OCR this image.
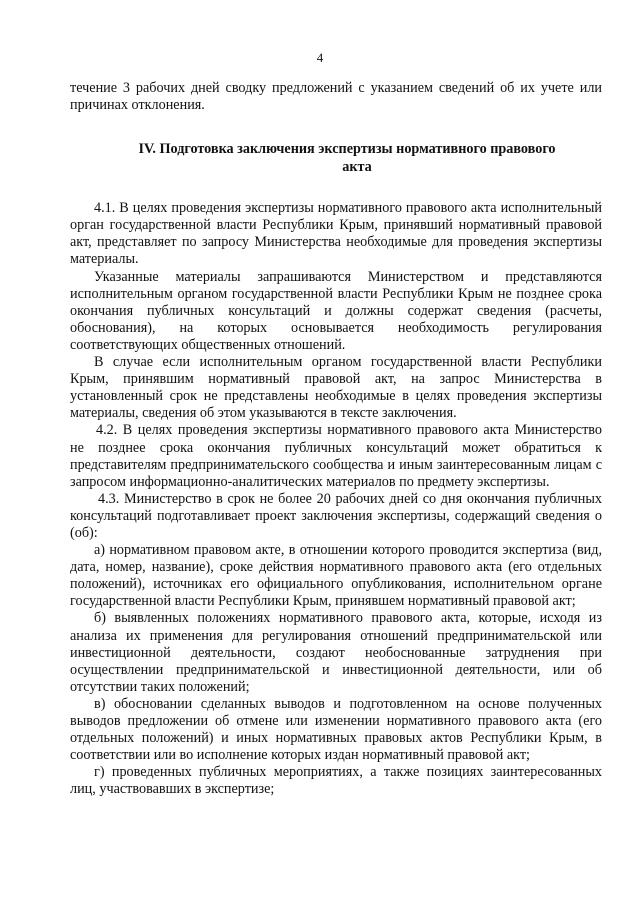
4

течение 3 рабочих дней сводку предложений с указанием сведений об их учете или причинах отклонения.

IV. Подготовка заключения экспертизы нормативного правового
акта

4.1. В целях проведения экспертизы нормативного правового акта исполнительный орган государственной власти Республики Крым, принявший нормативный правовой акт, представляет по запросу Министерства необходимые для проведения экспертизы материалы.

Указанные материалы запрашиваются Министерством и представляются исполнительным органом государственной власти Республики Крым не позднее срока окончания публичных консультаций и должны содержат сведения (расчеты, обоснования), на которых основывается необходимость регулирования соответствующих общественных отношений.

В случае если исполнительным органом государственной власти Республики Крым, принявшим нормативный правовой акт, на запрос Министерства в установленный срок не представлены необходимые в целях проведения экспертизы материалы, сведения об этом указываются в тексте заключения.

4.2. В целях проведения экспертизы нормативного правового акта Министерство не позднее срока окончания публичных консультаций может обратиться к представителям предпринимательского сообщества и иным заинтересованным лицам с запросом информационно-аналитических материалов по предмету экспертизы.

4.3. Министерство в срок не более 20 рабочих дней со дня окончания публичных консультаций подготавливает проект заключения экспертизы, содержащий сведения о (об):

а) нормативном правовом акте, в отношении которого проводится экспертиза (вид, дата, номер, название), сроке действия нормативного правового акта (его отдельных положений), источниках его официального опубликования, исполнительном органе государственной власти Республики Крым, принявшем нормативный правовой акт;

б) выявленных положениях нормативного правового акта, которые, исходя из анализа их применения для регулирования отношений предпринимательской или инвестиционной деятельности, создают необоснованные затруднения при осуществлении предпринимательской и инвестиционной деятельности, или об отсутствии таких положений;

в) обосновании сделанных выводов и подготовленном на основе полученных выводов предложении об отмене или изменении нормативного правового акта (его отдельных положений) и иных нормативных правовых актов Республики Крым, в соответствии или во исполнение которых издан нормативный правовой акт;

г) проведенных публичных мероприятиях, а также позициях заинтересованных лиц, участвовавших в экспертизе;
